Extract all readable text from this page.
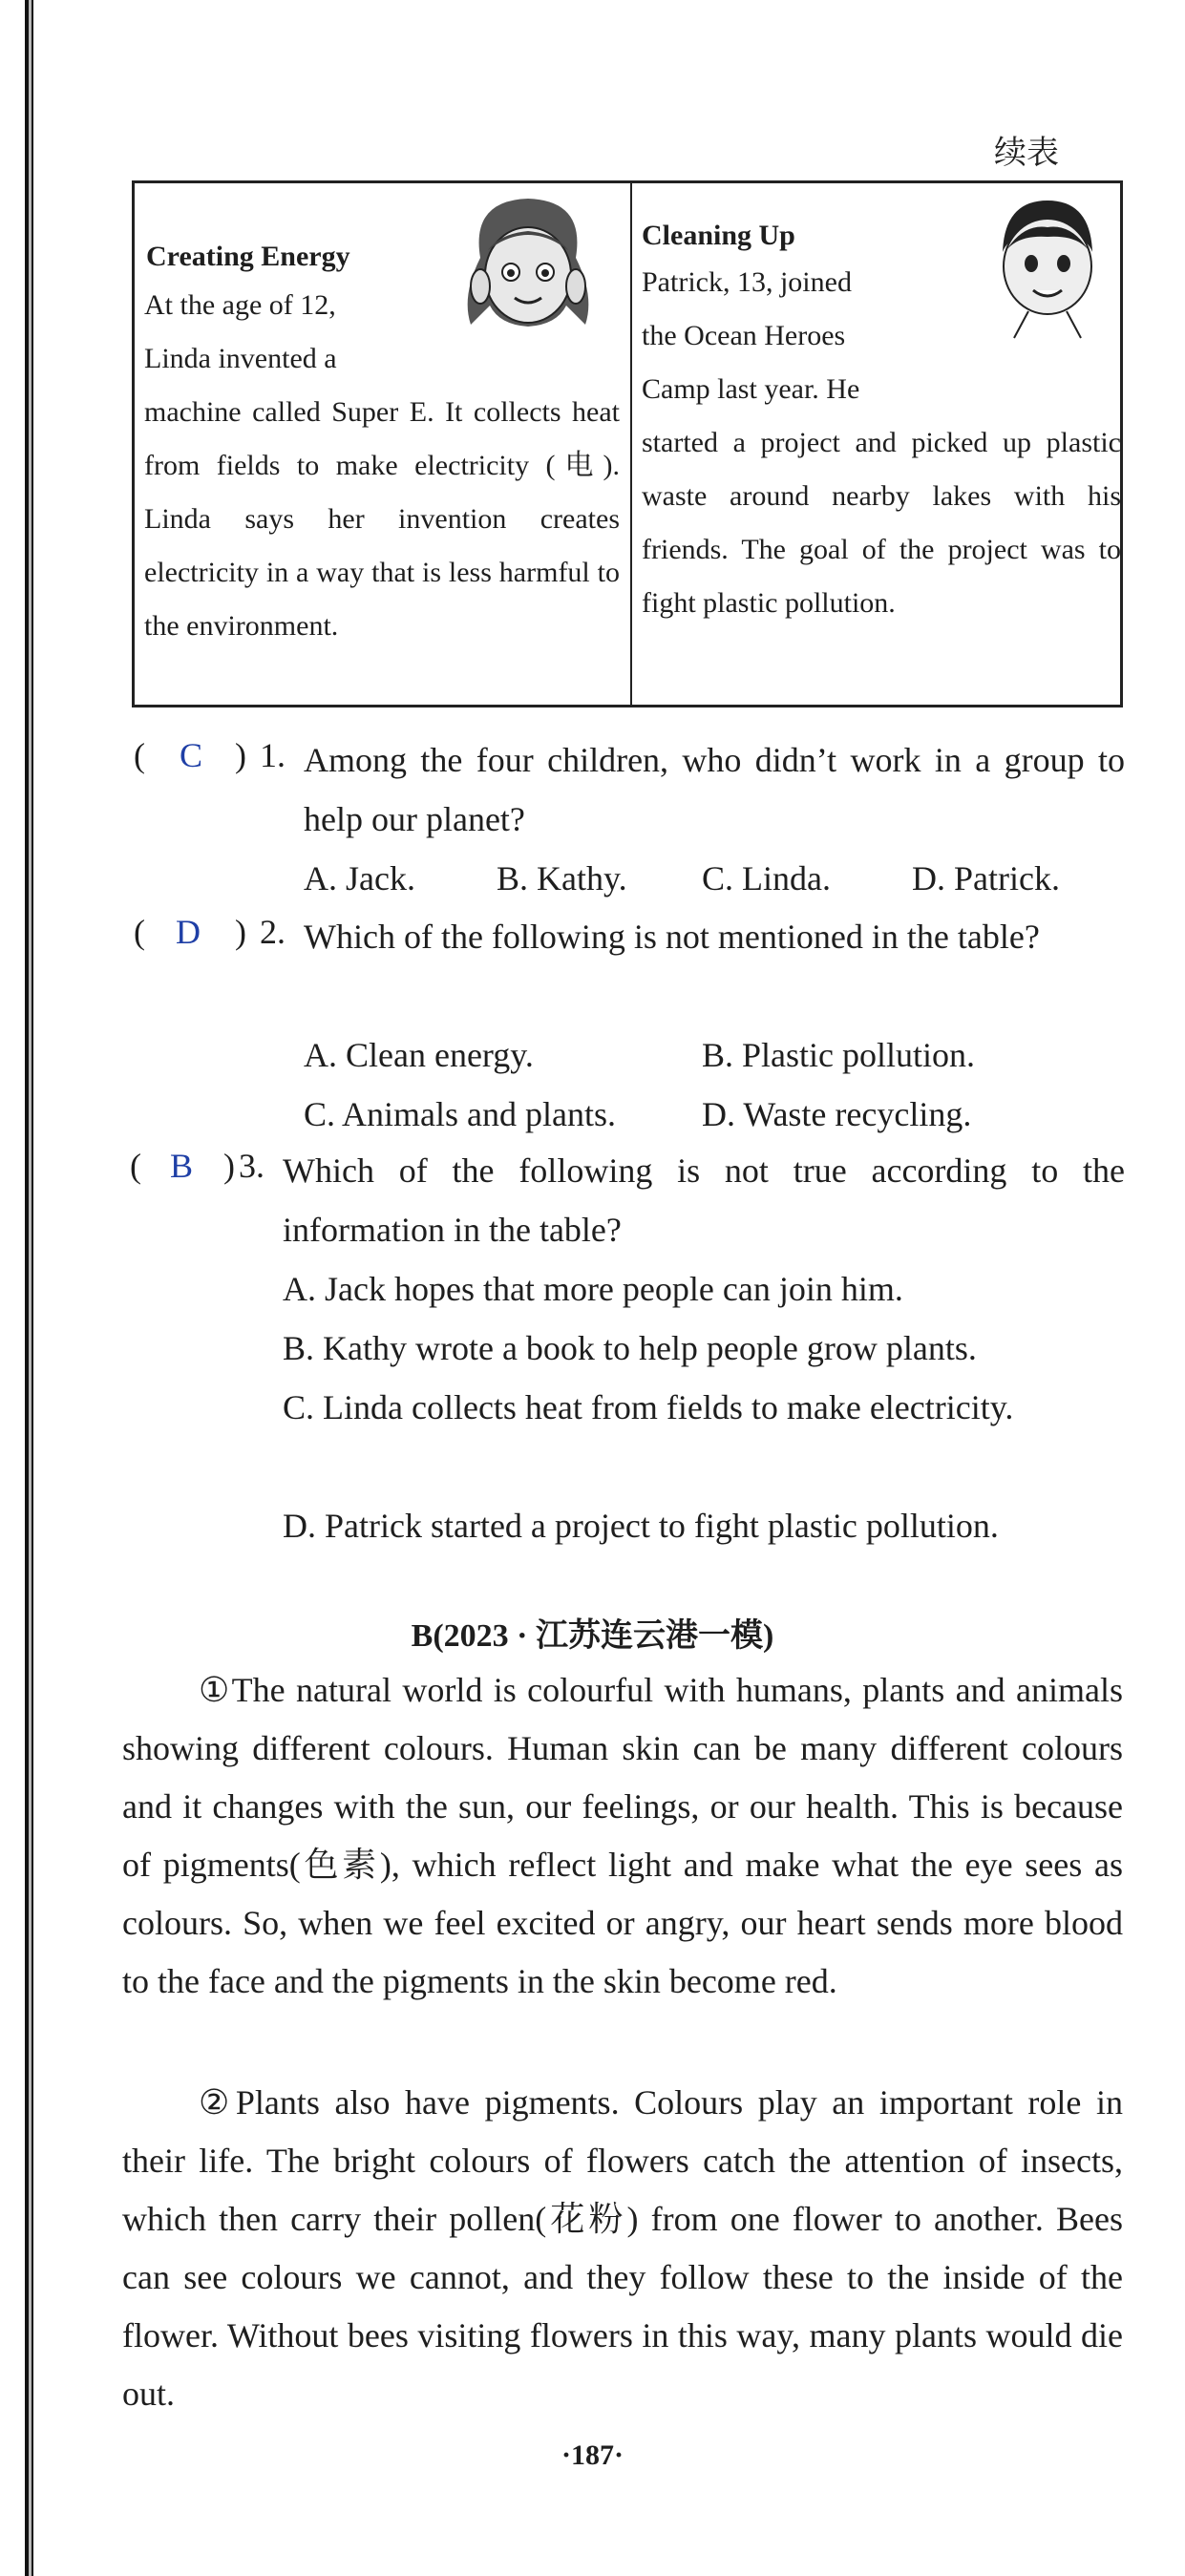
续表
Creating Energy
At the age of 12,
Linda invented a
machine called Super E. It collects heat from fields to make electricity (电). Linda says her invention creates electricity in a way that is less harmful to the environment.
Cleaning Up
Patrick, 13, joined
the Ocean Heroes
Camp last year. He
started a project and picked up plastic waste around nearby lakes with his friends. The goal of the project was to fight plastic pollution.
( C ) 1. Among the four children, who didn’t work in a group to help our planet?
A. Jack. B. Kathy. C. Linda. D. Patrick.
( D ) 2. Which of the following is not mentioned in the table?
A. Clean energy.	B. Plastic pollution.
C. Animals and plants.	D. Waste recycling.
( B ) 3. Which of the following is not true according to the information in the table?
A. Jack hopes that more people can join him.
B. Kathy wrote a book to help people grow plants.
C. Linda collects heat from fields to make electricity.
D. Patrick started a project to fight plastic pollution.
B(2023 · 江苏连云港一模)
①The natural world is colourful with humans, plants and animals showing different colours. Human skin can be many different colours and it changes with the sun, our feelings, or our health. This is because of pigments(色素), which reflect light and make what the eye sees as colours. So, when we feel excited or angry, our heart sends more blood to the face and the pigments in the skin become red.
②Plants also have pigments. Colours play an important role in their life. The bright colours of flowers catch the attention of insects, which then carry their pollen(花粉) from one flower to another. Bees can see colours we cannot, and they follow these to the inside of the flower. Without bees visiting flowers in this way, many plants would die out.
·187·
